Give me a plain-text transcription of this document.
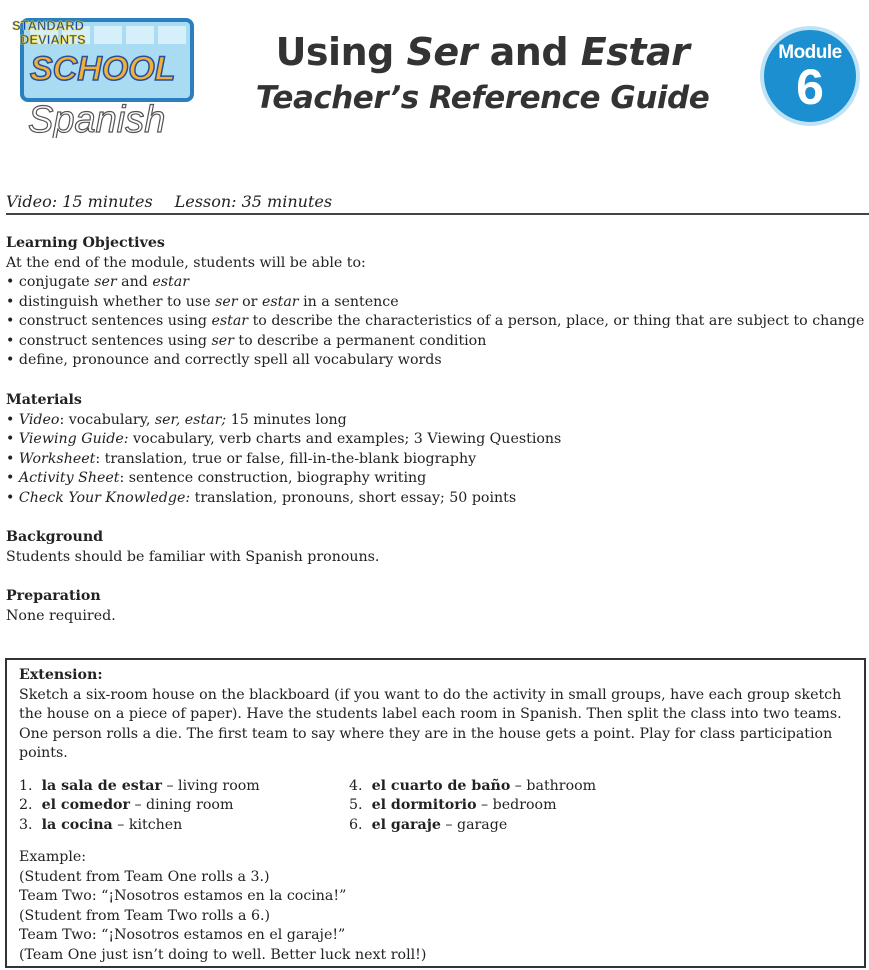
STANDARD
DEVIANTS
SCHOOL
Spanish
Using Ser and Estar
Teacher’s Reference Guide
Module
6
Video: 15 minutes Lesson: 35 minutes
Learning Objectives
At the end of the module, students will be able to:
• conjugate ser and estar
• distinguish whether to use ser or estar in a sentence
• construct sentences using estar to describe the characteristics of a person, place, or thing that are subject to change
• construct sentences using ser to describe a permanent condition
• define, pronounce and correctly spell all vocabulary words
Materials
• Video: vocabulary, ser, estar; 15 minutes long
• Viewing Guide: vocabulary, verb charts and examples; 3 Viewing Questions
• Worksheet: translation, true or false, fill-in-the-blank biography
• Activity Sheet: sentence construction, biography writing
• Check Your Knowledge: translation, pronouns, short essay; 50 points
Background
Students should be familiar with Spanish pronouns.
Preparation
None required.
Extension:
Sketch a six-room house on the blackboard (if you want to do the activity in small groups, have each group sketch the house on a piece of paper). Have the students label each room in Spanish. Then split the class into two teams. One person rolls a die. The first team to say where they are in the house gets a point. Play for class participation points.
1. la sala de estar – living room
2. el comedor – dining room
3. la cocina – kitchen
4. el cuarto de baño – bathroom
5. el dormitorio – bedroom
6. el garaje – garage
Example:
(Student from Team One rolls a 3.)
Team Two: “¡Nosotros estamos en la cocina!”
(Student from Team Two rolls a 6.)
Team Two: “¡Nosotros estamos en el garaje!”
(Team One just isn’t doing to well. Better luck next roll!)
